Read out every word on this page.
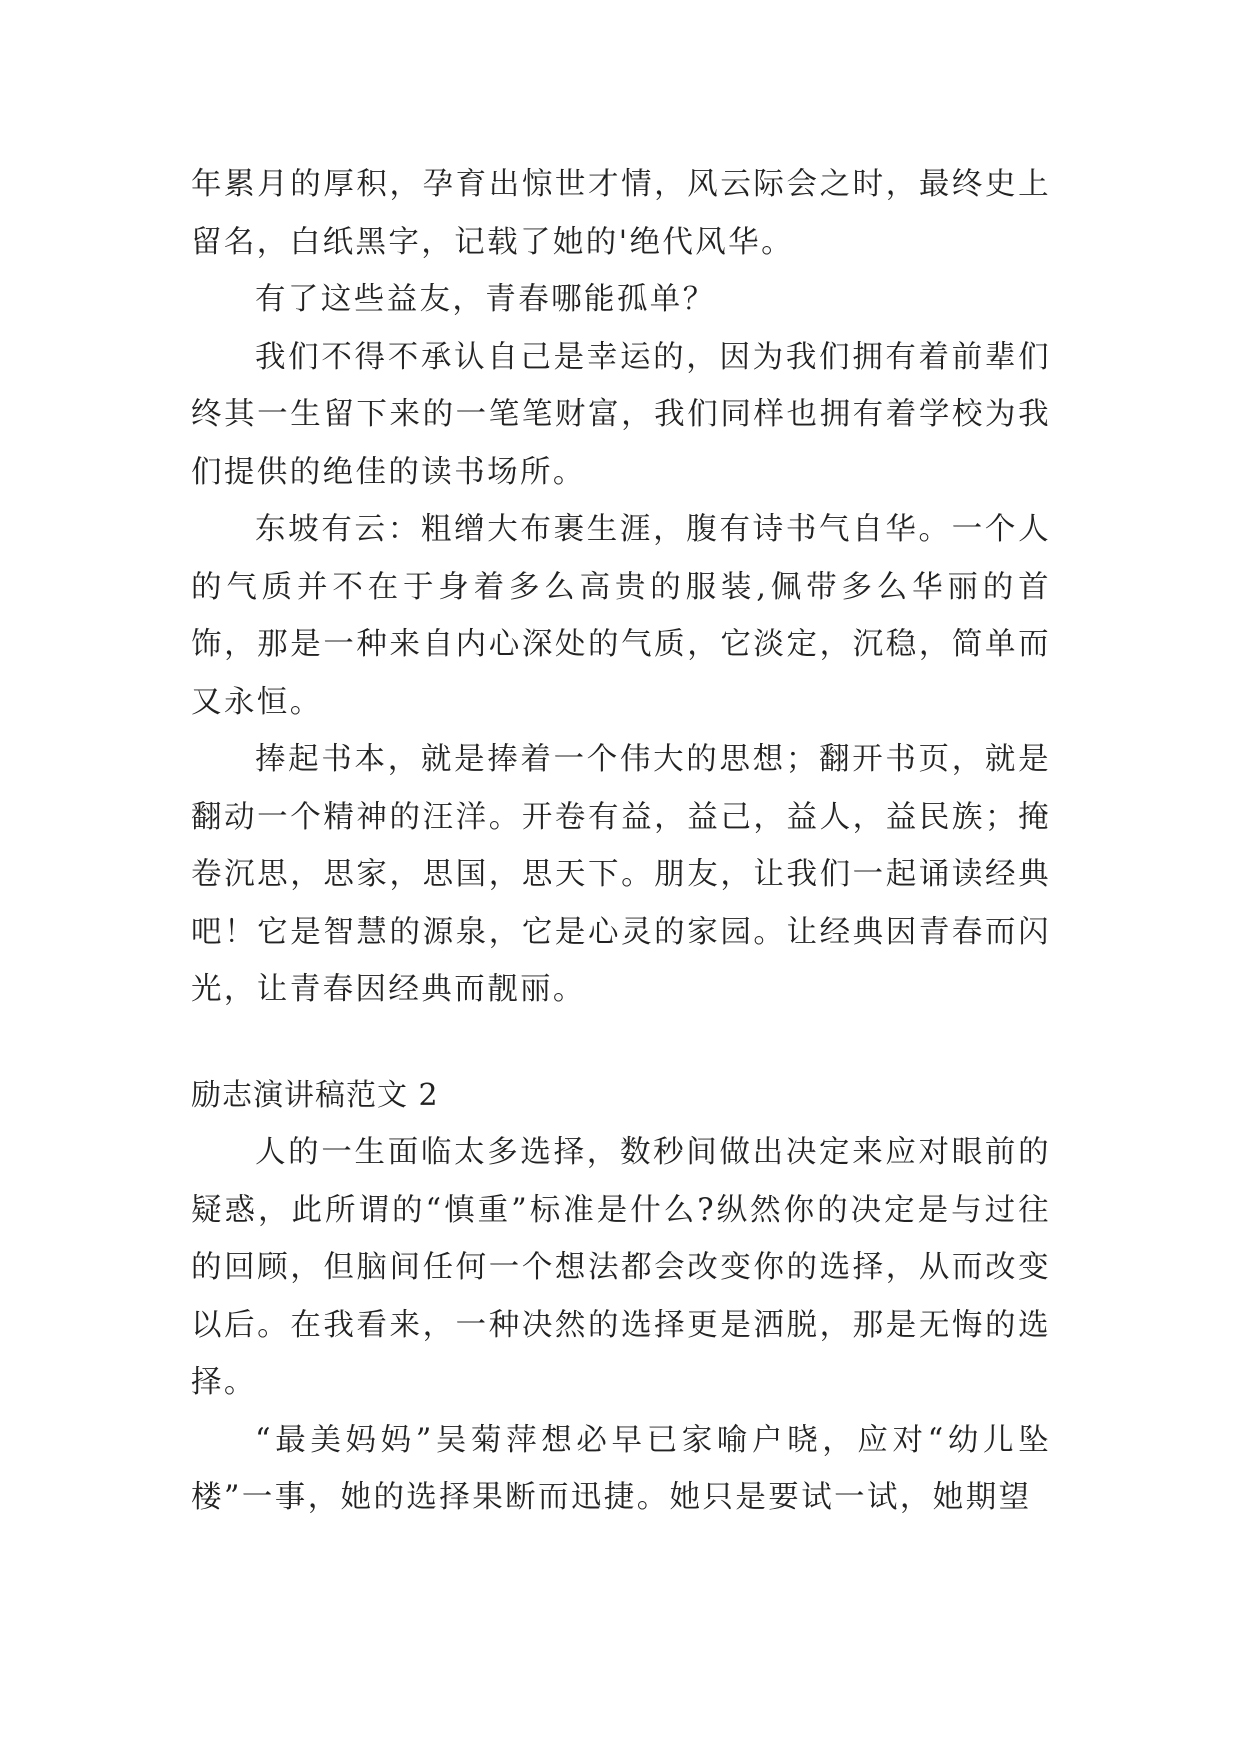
年累月的厚积，孕育出惊世才情，风云际会之时，最终史上留名，白纸黑字，记载了她的'绝代风华。

有了这些益友，青春哪能孤单？

我们不得不承认自己是幸运的，因为我们拥有着前辈们终其一生留下来的一笔笔财富，我们同样也拥有着学校为我们提供的绝佳的读书场所。

东坡有云：粗缯大布裹生涯，腹有诗书气自华。一个人的气质并不在于身着多么高贵的服装,佩带多么华丽的首饰，那是一种来自内心深处的气质，它淡定，沉稳，简单而又永恒。

捧起书本，就是捧着一个伟大的思想；翻开书页，就是翻动一个精神的汪洋。开卷有益，益己，益人，益民族；掩卷沉思，思家，思国，思天下。朋友，让我们一起诵读经典吧！它是智慧的源泉，它是心灵的家园。让经典因青春而闪光，让青春因经典而靓丽。

励志演讲稿范文 2

人的一生面临太多选择，数秒间做出决定来应对眼前的疑惑，此所谓的“慎重”标准是什么?纵然你的决定是与过往的回顾，但脑间任何一个想法都会改变你的选择，从而改变以后。在我看来，一种决然的选择更是洒脱，那是无悔的选择。

“最美妈妈”吴菊萍想必早已家喻户晓，应对“幼儿坠楼”一事，她的选择果断而迅捷。她只是要试一试，她期望
